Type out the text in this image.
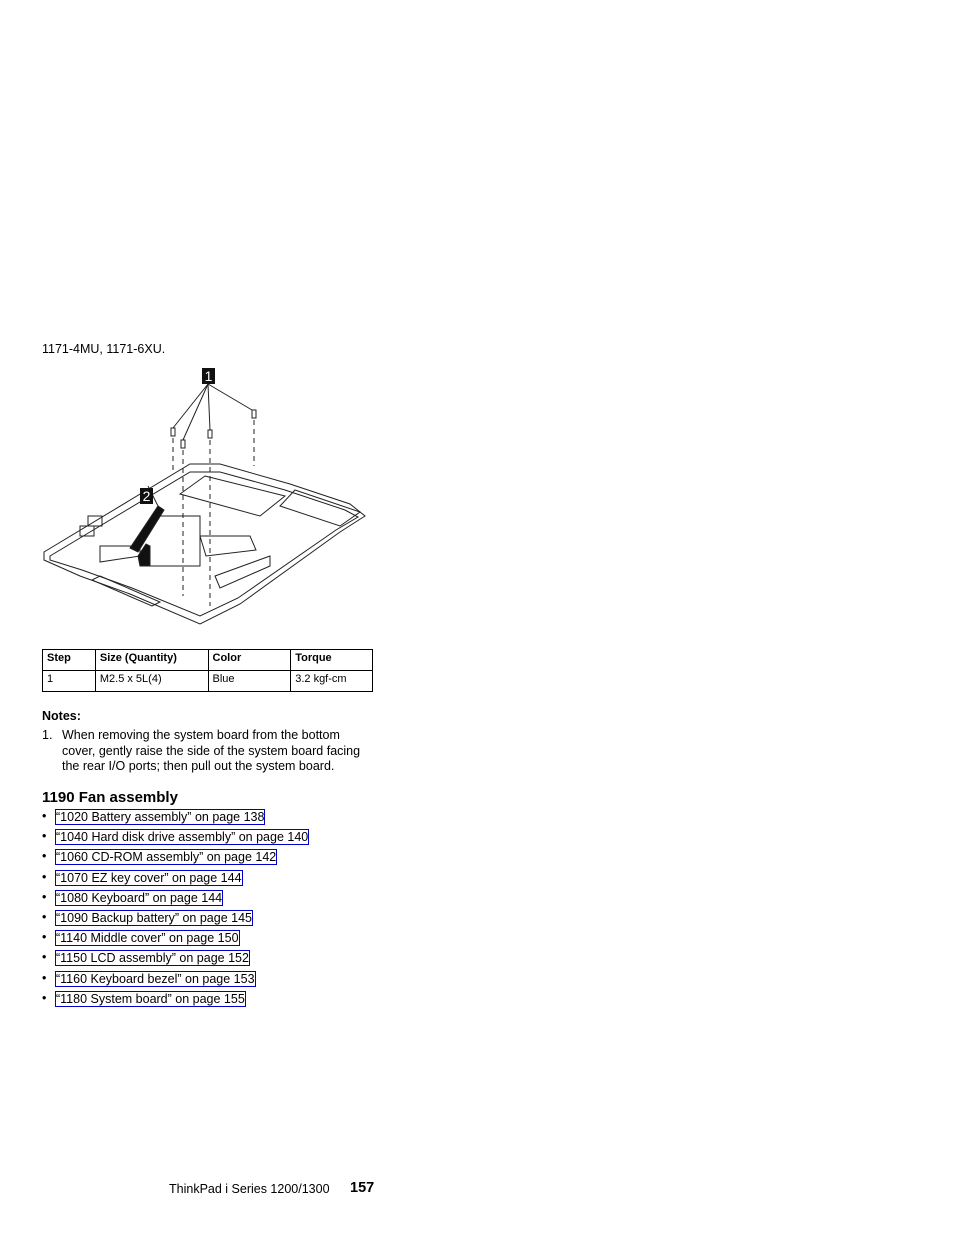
1171-4MU, 1171-6XU.
1
2
Step	Size (Quantity)	Color	Torque
1	M2.5 x 5L(4)	Blue	3.2 kgf-cm
Notes:
1. When removing the system board from the bottom cover, gently raise the side of the system board facing the rear I/O ports; then pull out the system board.
1190 Fan assembly
• “1020 Battery assembly” on page 138
• “1040 Hard disk drive assembly” on page 140
• “1060 CD-ROM assembly” on page 142
• “1070 EZ key cover” on page 144
• “1080 Keyboard” on page 144
• “1090 Backup battery” on page 145
• “1140 Middle cover” on page 150
• “1150 LCD assembly” on page 152
• “1160 Keyboard bezel” on page 153
• “1180 System board” on page 155
ThinkPad i Series 1200/1300 157
